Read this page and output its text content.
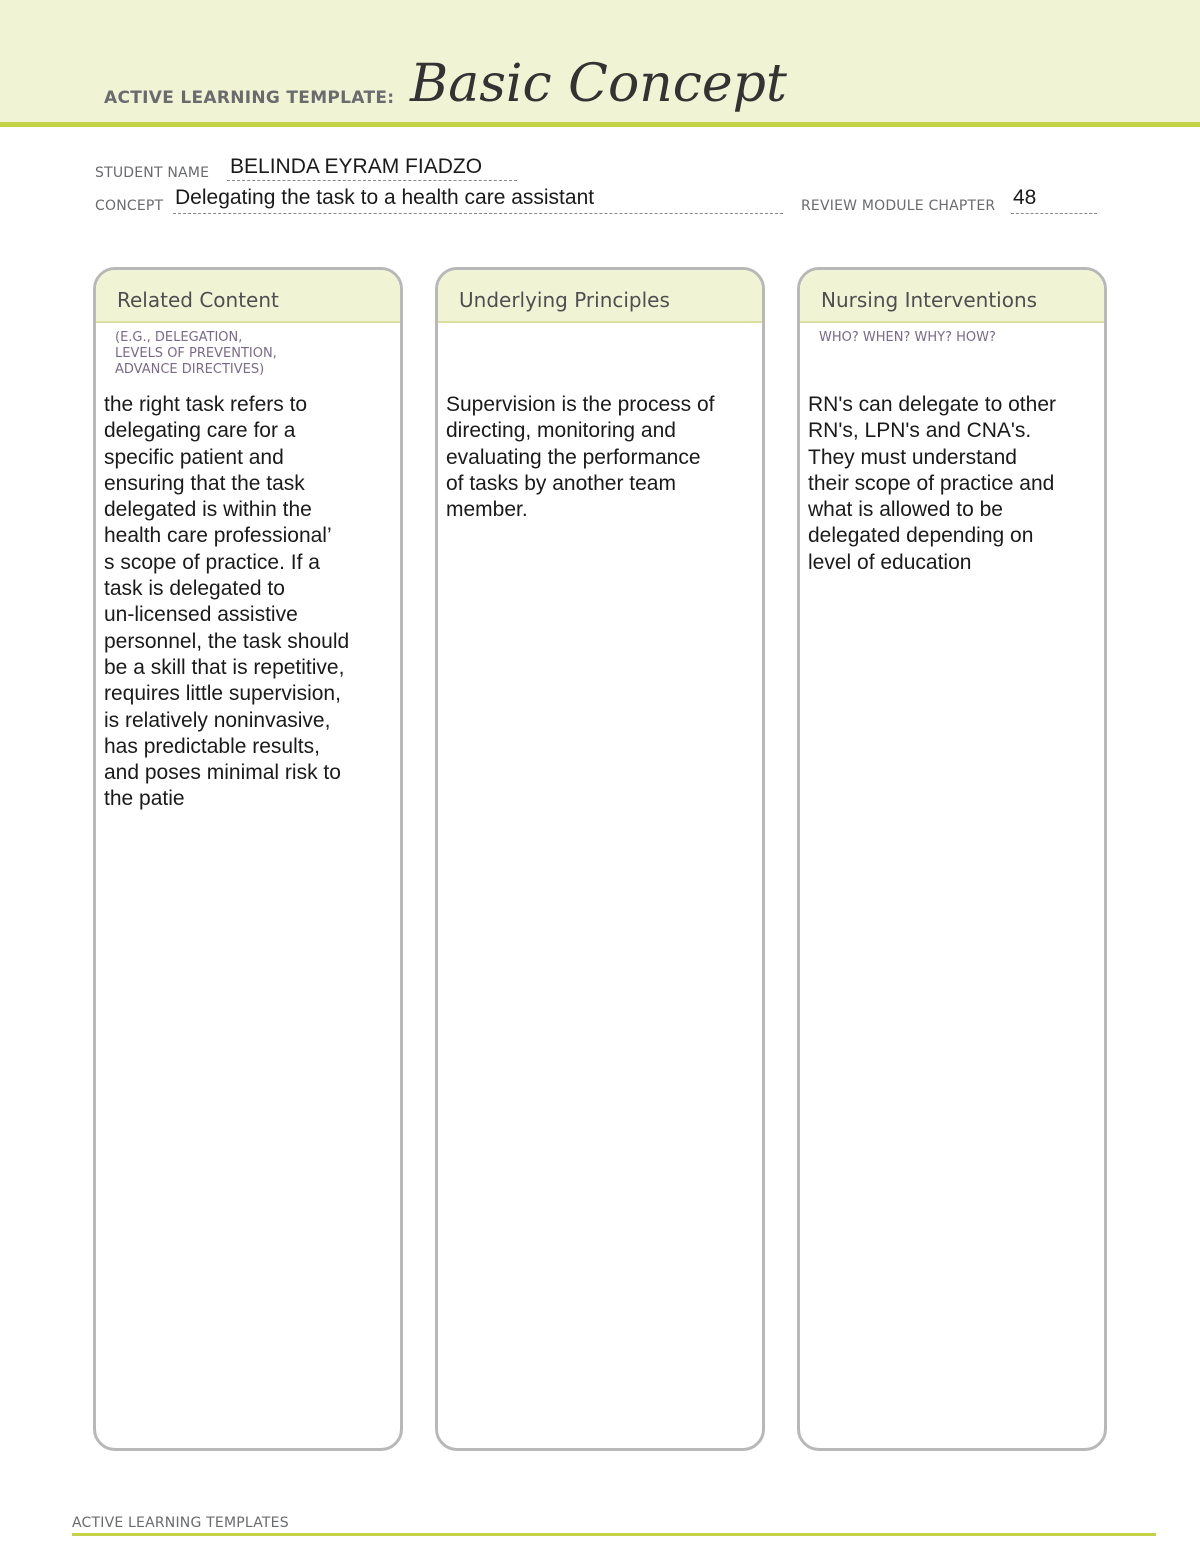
ACTIVE LEARNING TEMPLATE: Basic Concept
STUDENT NAME BELINDA EYRAM FIADZO
CONCEPT Delegating the task to a health care assistant	REVIEW MODULE CHAPTER 48
Related Content
(E.G., DELEGATION,
LEVELS OF PREVENTION,
ADVANCE DIRECTIVES)
the right task refers to
delegating care for a
specific patient and
ensuring that the task
delegated is within the
health care professional’
s scope of practice. If a
task is delegated to
un-licensed assistive
personnel, the task should
be a skill that is repetitive,
requires little supervision,
is relatively noninvasive,
has predictable results,
and poses minimal risk to
the patie
Underlying Principles
Supervision is the process of
directing, monitoring and
evaluating the performance
of tasks by another team
member.
Nursing Interventions
WHO? WHEN? WHY? HOW?
RN's can delegate to other
RN's, LPN's and CNA's.
They must understand
their scope of practice and
what is allowed to be
delegated depending on
level of education
ACTIVE LEARNING TEMPLATES
